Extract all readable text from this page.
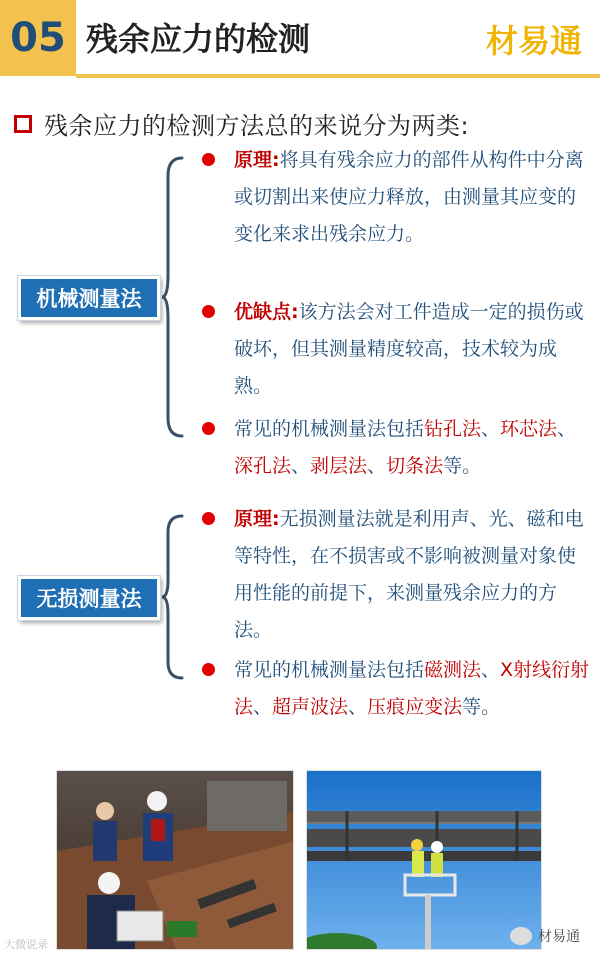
05 残余应力的检测	材易通
残余应力的检测方法总的来说分为两类:
机械测量法
原理:将具有残余应力的部件从构件中分离或切割出来使应力释放，由测量其应变的变化来求出残余应力。
优缺点:该方法会对工件造成一定的损伤或破坏，但其测量精度较高，技术较为成熟。
常见的机械测量法包括钻孔法、环芯法、深孔法、剥层法、切条法等。
无损测量法
原理:无损测量法就是利用声、光、磁和电等特性，在不损害或不影响被测量对象使用性能的前提下，来测量残余应力的方法。
常见的机械测量法包括磁测法、X射线衍射法、超声波法、压痕应变法等。
大微说录	材易通
